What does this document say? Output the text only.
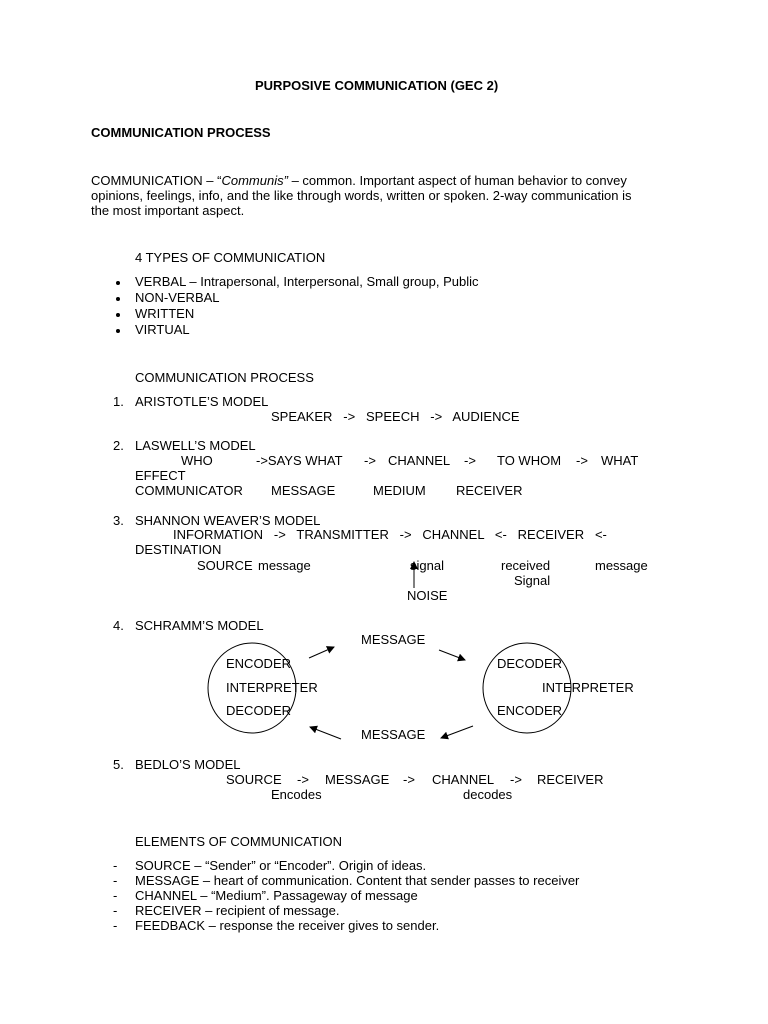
PURPOSIVE COMMUNICATION (GEC 2)
COMMUNICATION PROCESS
COMMUNICATION – “Communis” – common. Important aspect of human behavior to convey
opinions, feelings, info, and the like through words, written or spoken. 2-way communication is
the most important aspect.
4 TYPES OF COMMUNICATION
VERBAL – Intrapersonal, Interpersonal, Small group, Public
NON-VERBAL
WRITTEN
VIRTUAL
COMMUNICATION PROCESS
1. ARISTOTLE’S MODEL
SPEAKER   ->   SPEECH   ->   AUDIENCE
2. LASWELL’S MODEL
WHO	->SAYS WHAT -> CHANNEL -> TO WHOM -> WHAT
EFFECT
COMMUNICATOR MESSAGE	MEDIUM RECEIVER
3. SHANNON WEAVER’S MODEL
INFORMATION   ->   TRANSMITTER   ->   CHANNEL   <-   RECEIVER   <-
DESTINATION
SOURCE message	signal	received	message
Signal
NOISE
4. SCHRAMM’S MODEL
MESSAGE
ENCODER
INTERPRETER
DECODER
DECODER
INTERPRETER
ENCODER
MESSAGE
5. BEDLO’S MODEL
SOURCE -> MESSAGE -> CHANNEL -> RECEIVER
Encodes	decodes
ELEMENTS OF COMMUNICATION
- SOURCE – “Sender” or “Encoder”. Origin of ideas.
- MESSAGE – heart of communication. Content that sender passes to receiver
- CHANNEL – “Medium”. Passageway of message
- RECEIVER – recipient of message.
- FEEDBACK – response the receiver gives to sender.
